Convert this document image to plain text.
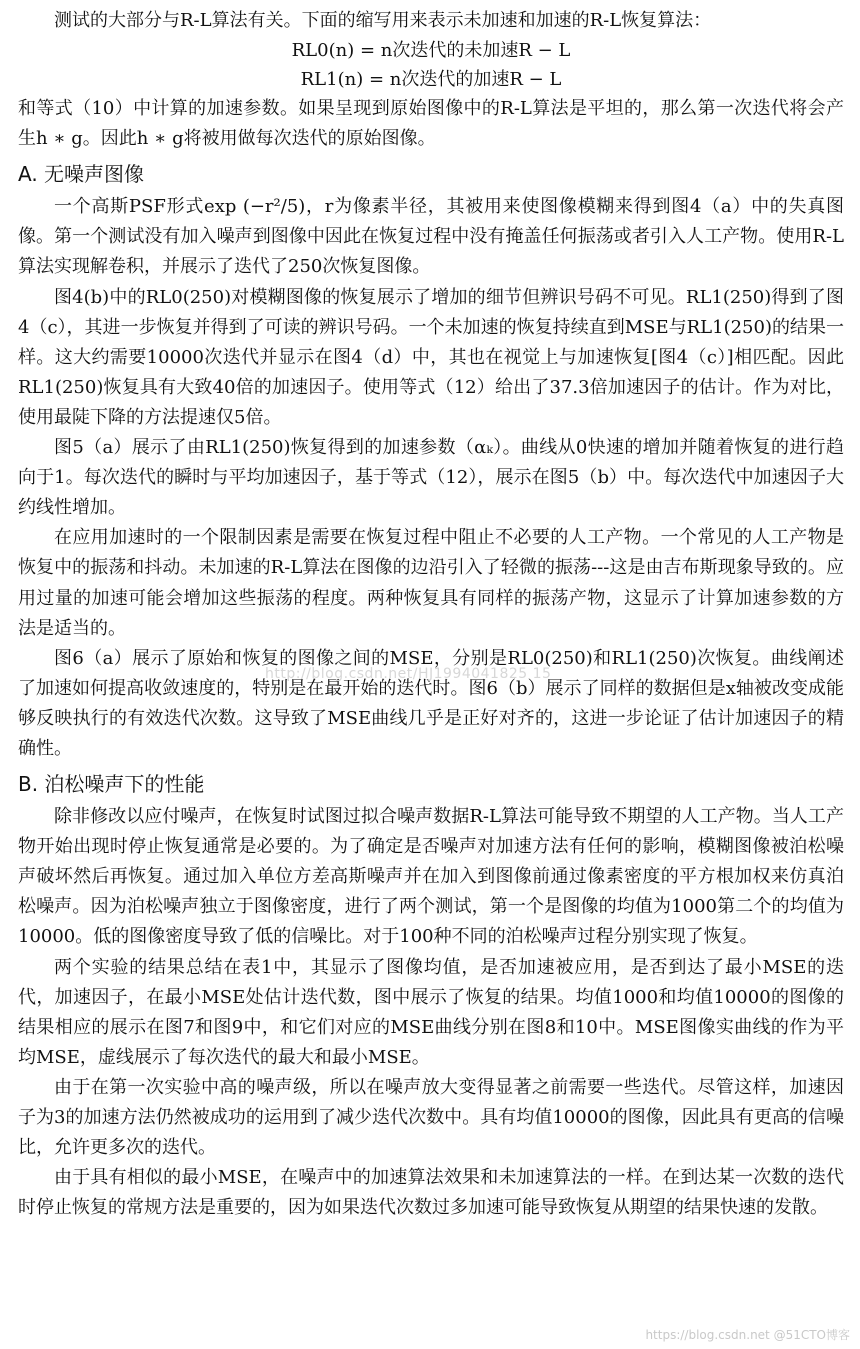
测试的大部分与R-L算法有关。下面的缩写用来表示未加速和加速的R-L恢复算法：

RL0(n) = n次迭代的未加速R − L

RL1(n) = n次迭代的加速R − L

和等式（10）中计算的加速参数。如果呈现到原始图像中的R-L算法是平坦的，那么第一次迭代将会产生h ∗ g。因此h ∗ g将被用做每次迭代的原始图像。

A. 无噪声图像

一个高斯PSF形式exp (−r²/5)，r为像素半径，其被用来使图像模糊来得到图4（a）中的失真图像。第一个测试没有加入噪声到图像中因此在恢复过程中没有掩盖任何振荡或者引入人工产物。使用R-L算法实现解卷积，并展示了迭代了250次恢复图像。

图4(b)中的RL0(250)对模糊图像的恢复展示了增加的细节但辨识号码不可见。RL1(250)得到了图4（c），其进一步恢复并得到了可读的辨识号码。一个未加速的恢复持续直到MSE与RL1(250)的结果一样。这大约需要10000次迭代并显示在图4（d）中，其也在视觉上与加速恢复[图4（c）]相匹配。因此RL1(250)恢复具有大致40倍的加速因子。使用等式（12）给出了37.3倍加速因子的估计。作为对比，使用最陡下降的方法提速仅5倍。

图5（a）展示了由RL1(250)恢复得到的加速参数（αₖ）。曲线从0快速的增加并随着恢复的进行趋向于1。每次迭代的瞬时与平均加速因子，基于等式（12），展示在图5（b）中。每次迭代中加速因子大约线性增加。

在应用加速时的一个限制因素是需要在恢复过程中阻止不必要的人工产物。一个常见的人工产物是恢复中的振荡和抖动。未加速的R-L算法在图像的边沿引入了轻微的振荡---这是由吉布斯现象导致的。应用过量的加速可能会增加这些振荡的程度。两种恢复具有同样的振荡产物，这显示了计算加速参数的方法是适当的。

图6（a）展示了原始和恢复的图像之间的MSE，分别是RL0(250)和RL1(250)次恢复。曲线阐述了加速如何提高收敛速度的，特别是在最开始的迭代时。图6（b）展示了同样的数据但是x轴被改变成能够反映执行的有效迭代次数。这导致了MSE曲线几乎是正好对齐的，这进一步论证了估计加速因子的精确性。

B. 泊松噪声下的性能

除非修改以应付噪声，在恢复时试图过拟合噪声数据R-L算法可能导致不期望的人工产物。当人工产物开始出现时停止恢复通常是必要的。为了确定是否噪声对加速方法有任何的影响，模糊图像被泊松噪声破坏然后再恢复。通过加入单位方差高斯噪声并在加入到图像前通过像素密度的平方根加权来仿真泊松噪声。因为泊松噪声独立于图像密度，进行了两个测试，第一个是图像的均值为1000第二个的均值为10000。低的图像密度导致了低的信噪比。对于100种不同的泊松噪声过程分别实现了恢复。

两个实验的结果总结在表1中，其显示了图像均值，是否加速被应用，是否到达了最小MSE的迭代，加速因子，在最小MSE处估计迭代数，图中展示了恢复的结果。均值1000和均值10000的图像的结果相应的展示在图7和图9中，和它们对应的MSE曲线分别在图8和10中。MSE图像实曲线的作为平均MSE，虚线展示了每次迭代的最大和最小MSE。

由于在第一次实验中高的噪声级，所以在噪声放大变得显著之前需要一些迭代。尽管这样，加速因子为3的加速方法仍然被成功的运用到了减少迭代次数中。具有均值10000的图像，因此具有更高的信噪比，允许更多次的迭代。

由于具有相似的最小MSE，在噪声中的加速算法效果和未加速算法的一样。在到达某一次数的迭代时停止恢复的常规方法是重要的，因为如果迭代次数过多加速可能导致恢复从期望的结果快速的发散。

http://blog.csdn.net/HJ1994041825 15
https://blog.csdn.net @51CTO博客
